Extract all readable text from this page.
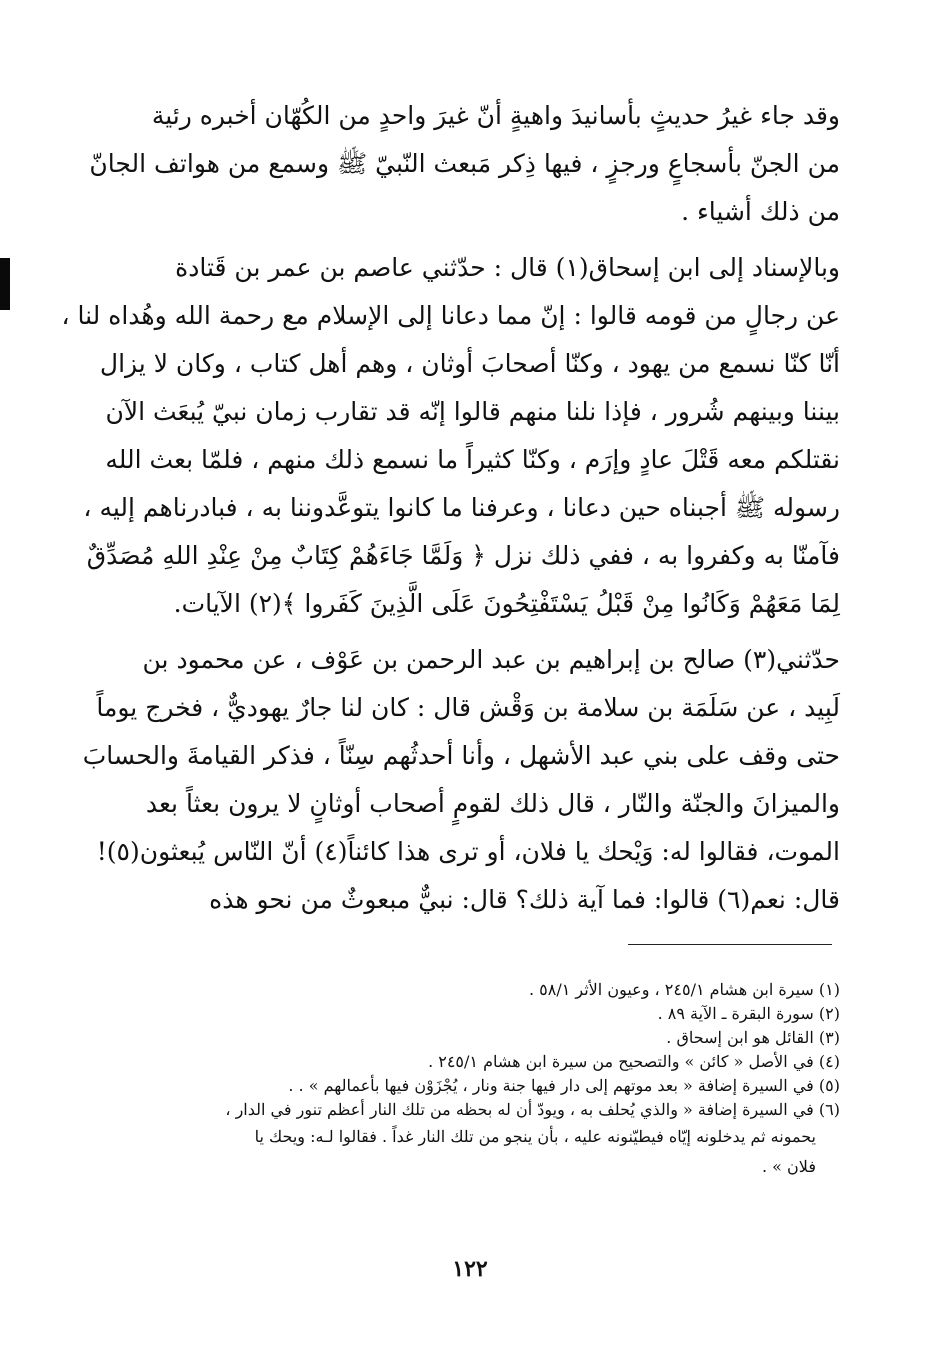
وقد جاء غيرُ حديثٍ بأسانيدَ واهيةٍ أنّ غيرَ واحدٍ من الكُهّان أخبره رئية
من الجنّ بأسجاعٍ ورجزٍ ، فيها ذِكر مَبعث النّبيّ ﷺ وسمع من هواتف الجانّ
من ذلك أشياء .
وبالإسناد إلى ابن إسحاق(١) قال : حدّثني عاصم بن عمر بن قَتادة
عن رجالٍ من قومه قالوا : إنّ مما دعانا إلى الإسلام مع رحمة الله وهُداه لنا ،
أنّا كنّا نسمع من يهود ، وكنّا أصحابَ أوثان ، وهم أهل كتاب ، وكان لا يزال
بيننا وبينهم شُرور ، فإذا نلنا منهم قالوا إنّه قد تقارب زمان نبيّ يُبعَث الآن
نقتلكم معه قَتْلَ عادٍ وإرَم ، وكنّا كثيراً ما نسمع ذلك منهم ، فلمّا بعث الله
رسوله ﷺ أجبناه حين دعانا ، وعرفنا ما كانوا يتوعَّدوننا به ، فبادرناهم إليه ،
فآمنّا به وكفروا به ، ففي ذلك نزل ﴿ وَلَمَّا جَاءَهُمْ كِتَابٌ مِنْ عِنْدِ اللهِ مُصَدِّقٌ
لِمَا مَعَهُمْ وَكَانُوا مِنْ قَبْلُ يَسْتَفْتِحُونَ عَلَى الَّذِينَ كَفَروا ﴾(٢) الآيات.
حدّثني(٣) صالح بن إبراهيم بن عبد الرحمن بن عَوْف ، عن محمود بن
لَبِيد ، عن سَلَمَة بن سلامة بن وَقْش قال : كان لنا جارٌ يهوديٌّ ، فخرج يوماً
حتى وقف على بني عبد الأشهل ، وأنا أحدثُهم سِنّاً ، فذكر القيامةَ والحسابَ
والميزانَ والجنّة والنّار ، قال ذلك لقومٍ أصحاب أوثانٍ لا يرون بعثاً بعد
الموت، فقالوا له: وَيْحك يا فلان، أو ترى هذا كائناً(٤) أنّ النّاس يُبعثون(٥)!
قال: نعم(٦) قالوا: فما آية ذلك؟ قال: نبيٌّ مبعوثٌ من نحو هذه
(١) سيرة ابن هشام ٢٤٥/١ ، وعيون الأثر ٥٨/١ .
(٢) سورة البقرة ـ الآية ٨٩ .
(٣) القائل هو ابن إسحاق .
(٤) في الأصل « كائن » والتصحيح من سيرة ابن هشام ٢٤٥/١ .
(٥) في السيرة إضافة « بعد موتهم إلى دار فيها جنة ونار ، يُجْزَوْن فيها بأعمالهم » . .
(٦) في السيرة إضافة « والذي يُحلف به ، ويودّ أن له بحظه من تلك النار أعظم تنور في الدار ،
يحمونه ثم يدخلونه إيّاه فيطيّنونه عليه ، بأن ينجو من تلك النار غداً . فقالوا لـه: ويحك يا
فلان » .
١٢٢
